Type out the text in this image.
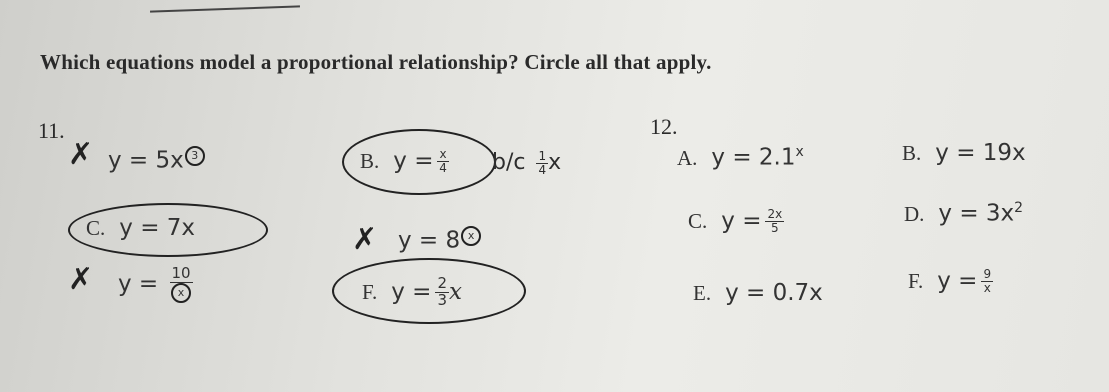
Which equations model a proportional relationship? Circle all that apply.
11.
✗ y = 5x 3	B. $y = \frac{x}{4} b/c \frac{1}{4}$ x
C. y = 7x	✗ y = 8 x
✗ $y = \frac{10}{x}$	F. $y = \frac{2}{3}$ x
12.
A. $y = 2.1^x$	B. y = 19x
C. $y = \frac{2x}{5}$	D. $y = 3x^2$
E. y = 0.7x	F. $y = \frac{9}{x}$
